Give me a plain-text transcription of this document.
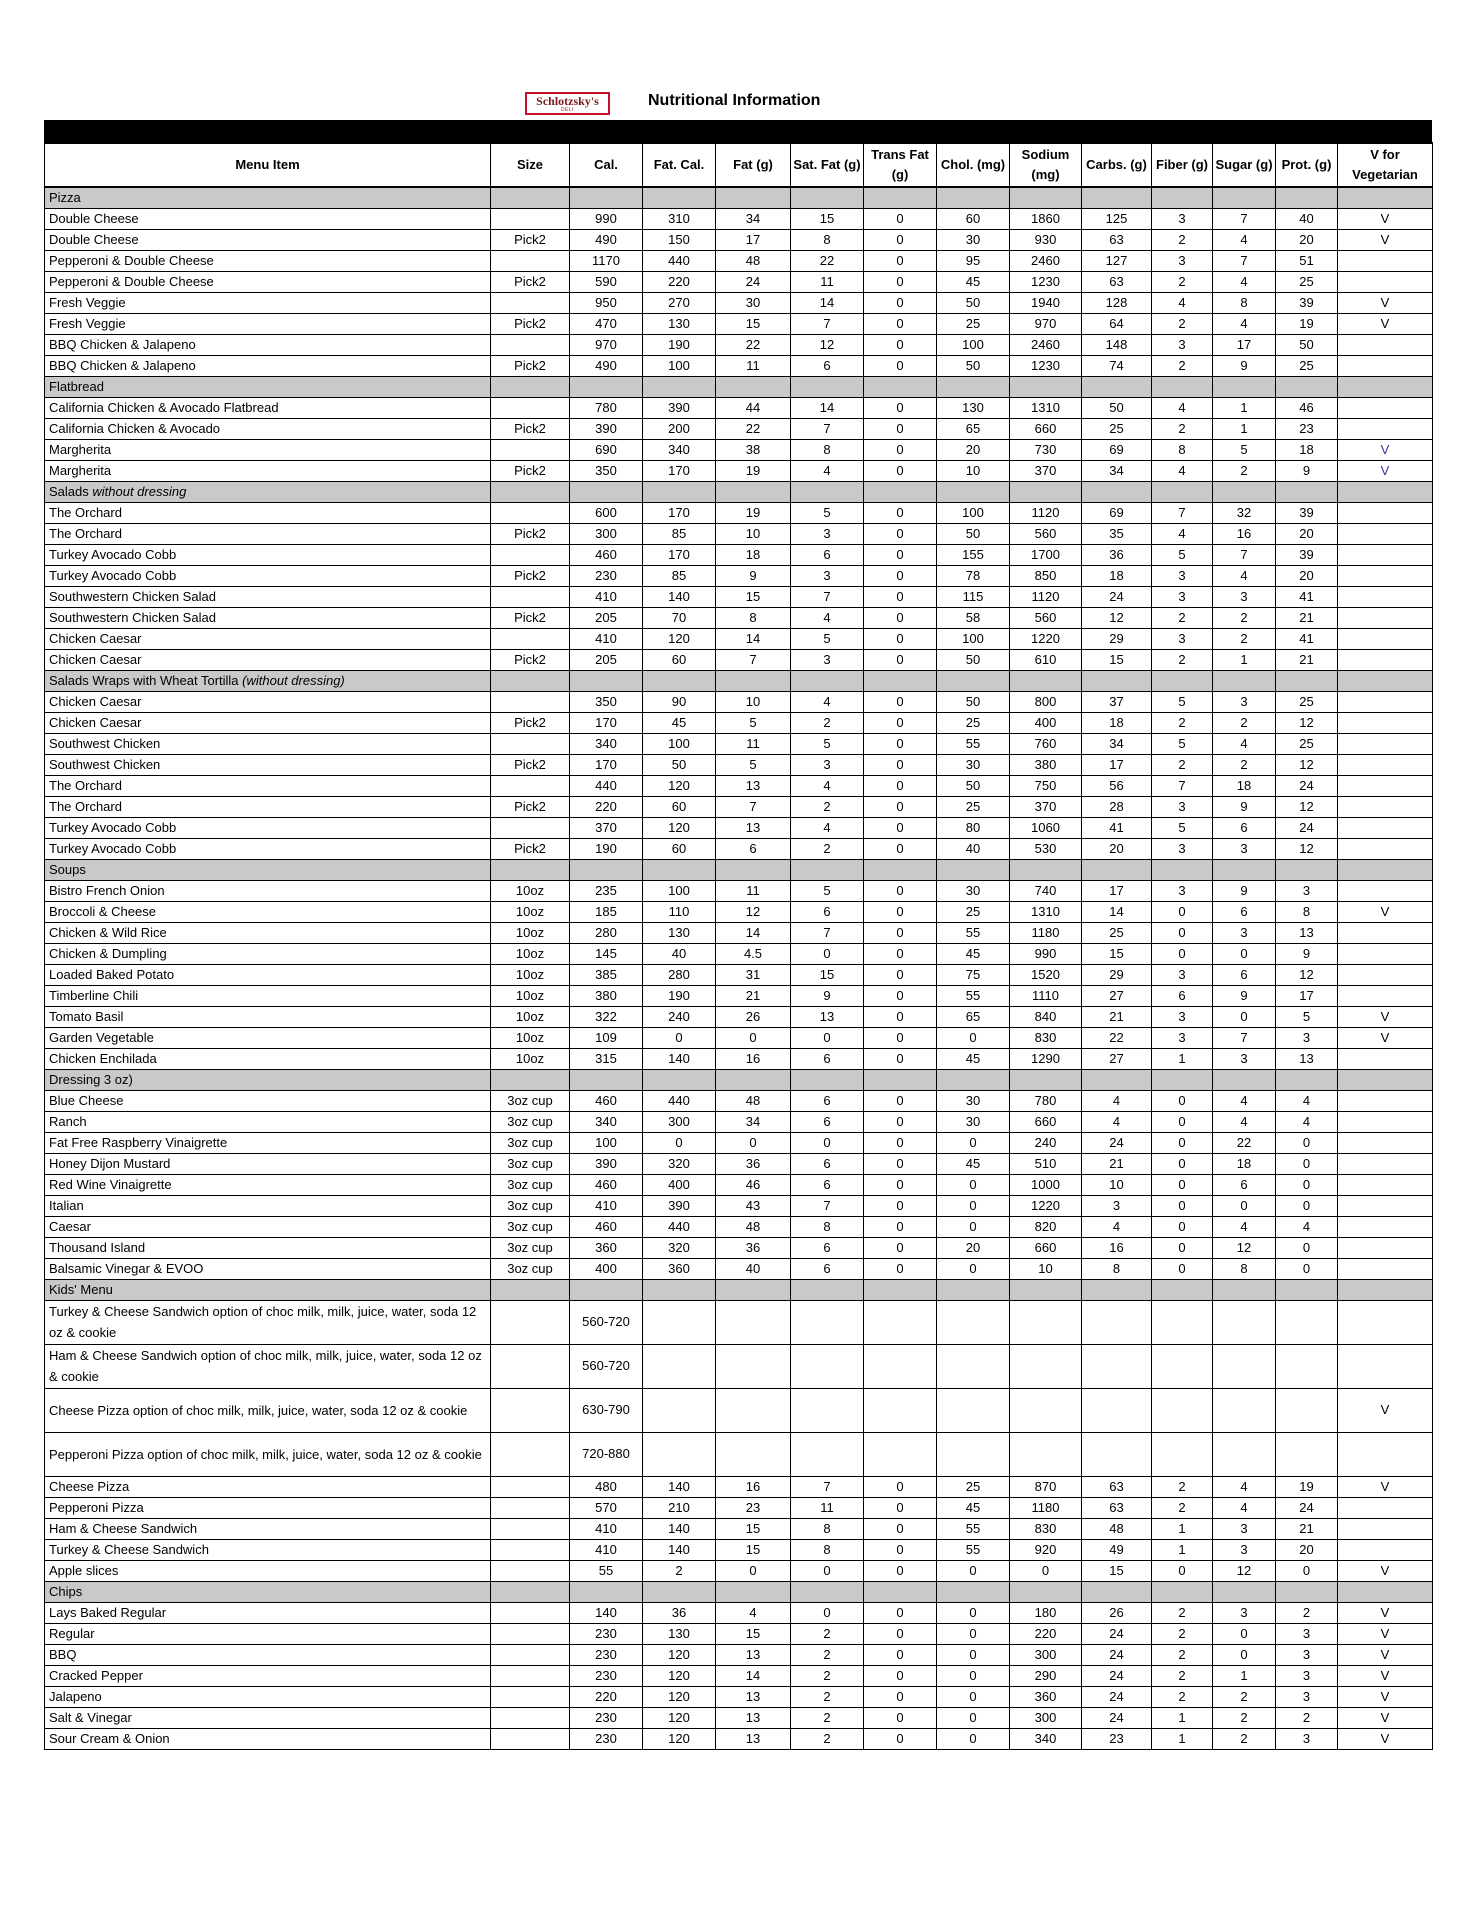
Schlotzsky's
DELI
Nutritional Information
Menu Item	Size	Cal.	Fat. Cal.	Fat (g)	Sat. Fat (g)	Trans Fat (g)	Chol. (mg)	Sodium (mg)	Carbs. (g)	Fiber (g)	Sugar (g)	Prot. (g)	V for Vegetarian
Pizza													
Double Cheese		990	310	34	15	0	60	1860	125	3	7	40	V
Double Cheese	Pick2	490	150	17	8	0	30	930	63	2	4	20	V
Pepperoni & Double Cheese		1170	440	48	22	0	95	2460	127	3	7	51	
Pepperoni & Double Cheese	Pick2	590	220	24	11	0	45	1230	63	2	4	25	
Fresh Veggie		950	270	30	14	0	50	1940	128	4	8	39	V
Fresh Veggie	Pick2	470	130	15	7	0	25	970	64	2	4	19	V
BBQ Chicken & Jalapeno		970	190	22	12	0	100	2460	148	3	17	50	
BBQ Chicken & Jalapeno	Pick2	490	100	11	6	0	50	1230	74	2	9	25	
Flatbread													
California Chicken & Avocado Flatbread		780	390	44	14	0	130	1310	50	4	1	46	
California Chicken & Avocado	Pick2	390	200	22	7	0	65	660	25	2	1	23	
Margherita		690	340	38	8	0	20	730	69	8	5	18	V
Margherita	Pick2	350	170	19	4	0	10	370	34	4	2	9	V
Salads without dressing													
The Orchard		600	170	19	5	0	100	1120	69	7	32	39	
The Orchard	Pick2	300	85	10	3	0	50	560	35	4	16	20	
Turkey Avocado Cobb		460	170	18	6	0	155	1700	36	5	7	39	
Turkey Avocado Cobb	Pick2	230	85	9	3	0	78	850	18	3	4	20	
Southwestern Chicken Salad		410	140	15	7	0	115	1120	24	3	3	41	
Southwestern Chicken Salad	Pick2	205	70	8	4	0	58	560	12	2	2	21	
Chicken Caesar		410	120	14	5	0	100	1220	29	3	2	41	
Chicken Caesar	Pick2	205	60	7	3	0	50	610	15	2	1	21	
Salads Wraps with Wheat Tortilla (without dressing)													
Chicken Caesar		350	90	10	4	0	50	800	37	5	3	25	
Chicken Caesar	Pick2	170	45	5	2	0	25	400	18	2	2	12	
Southwest Chicken		340	100	11	5	0	55	760	34	5	4	25	
Southwest Chicken	Pick2	170	50	5	3	0	30	380	17	2	2	12	
The Orchard		440	120	13	4	0	50	750	56	7	18	24	
The Orchard	Pick2	220	60	7	2	0	25	370	28	3	9	12	
Turkey Avocado Cobb		370	120	13	4	0	80	1060	41	5	6	24	
Turkey Avocado Cobb	Pick2	190	60	6	2	0	40	530	20	3	3	12	
Soups													
Bistro French Onion	10oz	235	100	11	5	0	30	740	17	3	9	3	
Broccoli & Cheese	10oz	185	110	12	6	0	25	1310	14	0	6	8	V
Chicken & Wild Rice	10oz	280	130	14	7	0	55	1180	25	0	3	13	
Chicken & Dumpling	10oz	145	40	4.5	0	0	45	990	15	0	0	9	
Loaded Baked Potato	10oz	385	280	31	15	0	75	1520	29	3	6	12	
Timberline Chili	10oz	380	190	21	9	0	55	1110	27	6	9	17	
Tomato Basil	10oz	322	240	26	13	0	65	840	21	3	0	5	V
Garden Vegetable	10oz	109	0	0	0	0	0	830	22	3	7	3	V
Chicken Enchilada	10oz	315	140	16	6	0	45	1290	27	1	3	13	
Dressing 3 oz)													
Blue Cheese	3oz cup	460	440	48	6	0	30	780	4	0	4	4	
Ranch	3oz cup	340	300	34	6	0	30	660	4	0	4	4	
Fat Free Raspberry Vinaigrette	3oz cup	100	0	0	0	0	0	240	24	0	22	0	
Honey Dijon Mustard	3oz cup	390	320	36	6	0	45	510	21	0	18	0	
Red Wine Vinaigrette	3oz cup	460	400	46	6	0	0	1000	10	0	6	0	
Italian	3oz cup	410	390	43	7	0	0	1220	3	0	0	0	
Caesar	3oz cup	460	440	48	8	0	0	820	4	0	4	4	
Thousand Island	3oz cup	360	320	36	6	0	20	660	16	0	12	0	
Balsamic Vinegar & EVOO	3oz cup	400	360	40	6	0	0	10	8	0	8	0	
Kids' Menu													
Turkey & Cheese Sandwich option of choc milk, milk, juice, water, soda 12 oz & cookie		560-720											
Ham & Cheese Sandwich option of choc milk, milk, juice, water, soda 12 oz & cookie		560-720											
Cheese Pizza option of choc milk, milk, juice, water, soda 12 oz & cookie		630-790											V
Pepperoni Pizza option of choc milk, milk, juice, water, soda 12 oz & cookie		720-880											
Cheese Pizza		480	140	16	7	0	25	870	63	2	4	19	V
Pepperoni Pizza		570	210	23	11	0	45	1180	63	2	4	24	
Ham & Cheese Sandwich		410	140	15	8	0	55	830	48	1	3	21	
Turkey & Cheese Sandwich		410	140	15	8	0	55	920	49	1	3	20	
Apple slices		55	2	0	0	0	0	0	15	0	12	0	V
Chips													
Lays Baked Regular		140	36	4	0	0	0	180	26	2	3	2	V
Regular		230	130	15	2	0	0	220	24	2	0	3	V
BBQ		230	120	13	2	0	0	300	24	2	0	3	V
Cracked Pepper		230	120	14	2	0	0	290	24	2	1	3	V
Jalapeno		220	120	13	2	0	0	360	24	2	2	3	V
Salt & Vinegar		230	120	13	2	0	0	300	24	1	2	2	V
Sour Cream & Onion		230	120	13	2	0	0	340	23	1	2	3	V
